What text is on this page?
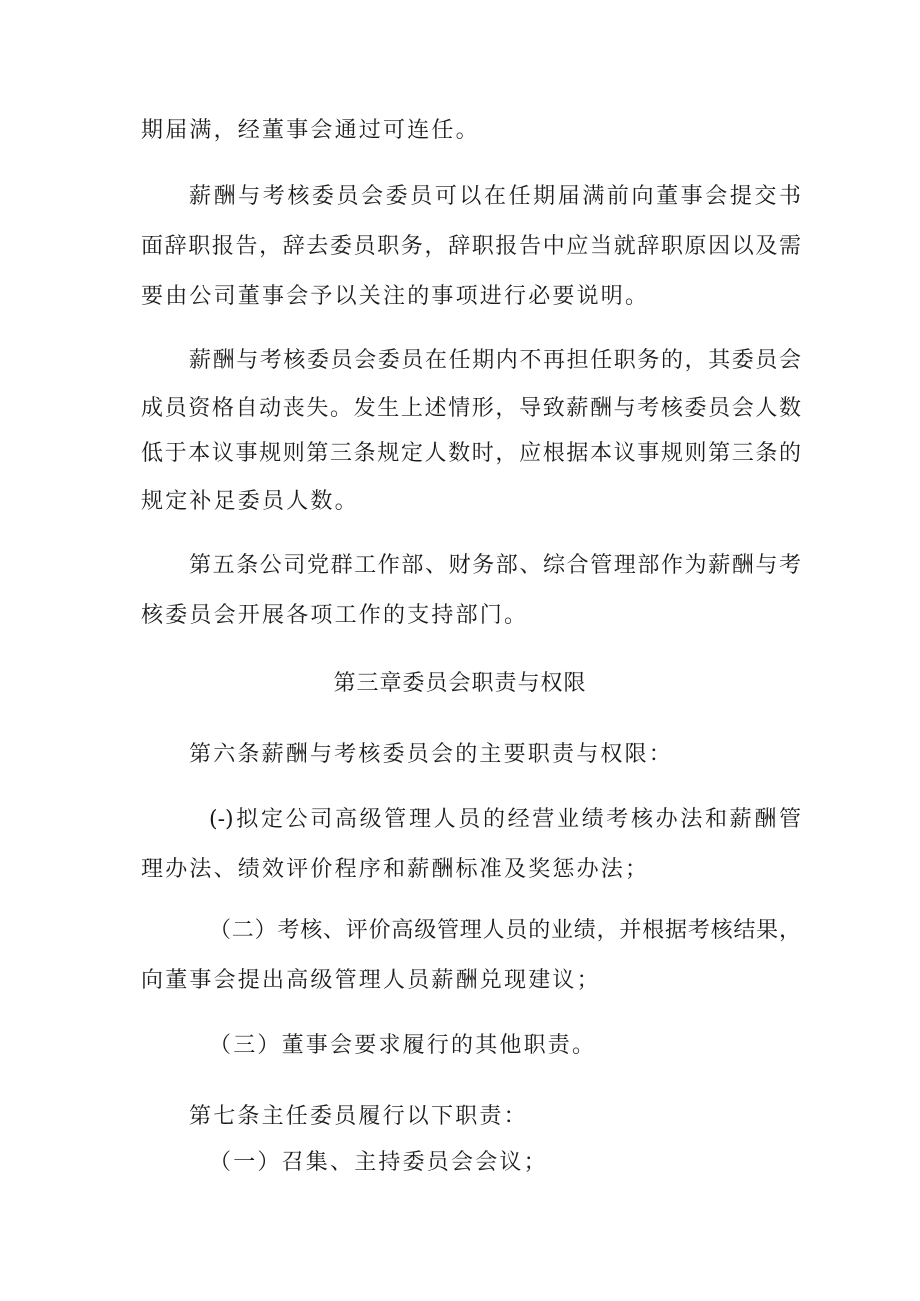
期届满，经董事会通过可连任。
薪酬与考核委员会委员可以在任期届满前向董事会提交书
面辞职报告，辞去委员职务，辞职报告中应当就辞职原因以及需
要由公司董事会予以关注的事项进行必要说明。
薪酬与考核委员会委员在任期内不再担任职务的，其委员会
成员资格自动丧失。发生上述情形，导致薪酬与考核委员会人数
低于本议事规则第三条规定人数时，应根据本议事规则第三条的
规定补足委员人数。
第五条公司党群工作部、财务部、综合管理部作为薪酬与考
核委员会开展各项工作的支持部门。
第三章委员会职责与权限
第六条薪酬与考核委员会的主要职责与权限：
(-)拟定公司高级管理人员的经营业绩考核办法和薪酬管
理办法、绩效评价程序和薪酬标准及奖惩办法；
（二）考核、评价高级管理人员的业绩，并根据考核结果，
向董事会提出高级管理人员薪酬兑现建议；
（三）董事会要求履行的其他职责。
第七条主任委员履行以下职责：
（一）召集、主持委员会会议；
